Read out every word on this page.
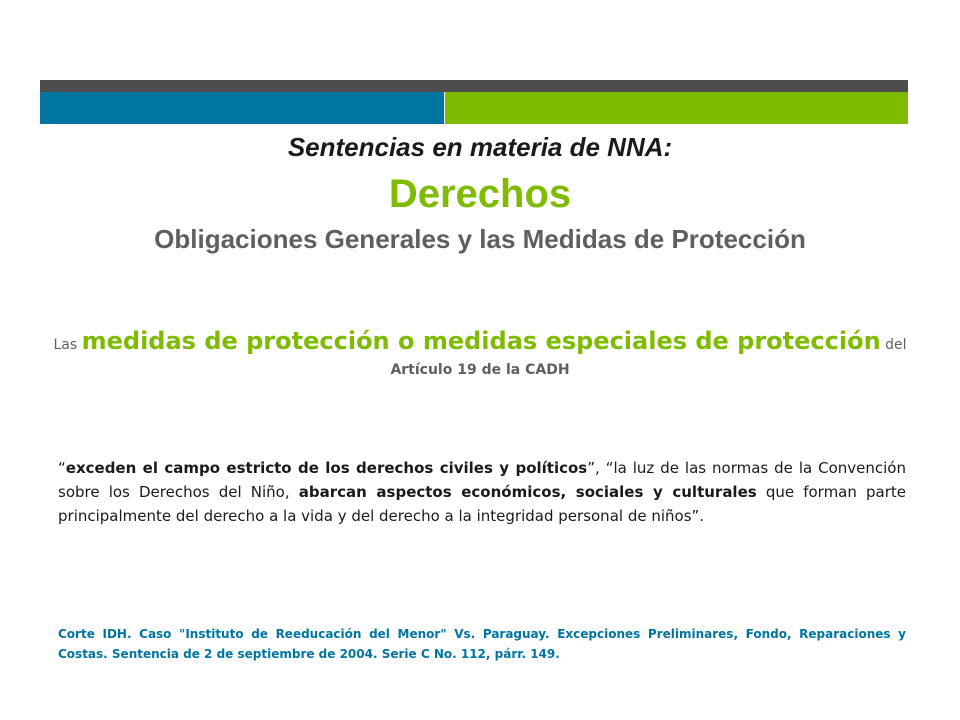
Sentencias en materia de NNA:
Derechos
Obligaciones Generales y las Medidas de Protección
Las medidas de protección o medidas especiales de protección del
Artículo 19 de la CADH
“exceden el campo estricto de los derechos civiles y políticos”, “la luz de las normas de la Convención sobre los Derechos del Niño, abarcan aspectos económicos, sociales y culturales que forman parte principalmente del derecho a la vida y del derecho a la integridad personal de niños”.
Corte IDH. Caso "Instituto de Reeducación del Menor" Vs. Paraguay. Excepciones Preliminares, Fondo, Reparaciones y Costas. Sentencia de 2 de septiembre de 2004. Serie C No. 112, párr. 149.
